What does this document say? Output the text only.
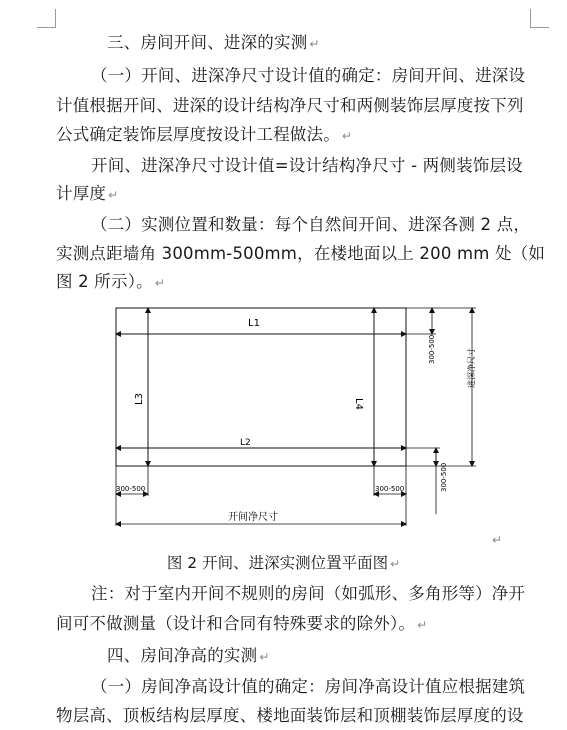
三、房间开间、进深的实测 ↵
（一）开间、进深净尺寸设计值的确定：房间开间、进深设
计值根据开间、进深的设计结构净尺寸和两侧装饰层厚度按下列
公式确定装饰层厚度按设计工程做法。 ↵
开间、进深净尺寸设计值=设计结构净尺寸 - 两侧装饰层设
计厚度 ↵
（二）实测位置和数量：每个自然间开间、进深各测 2 点，
实测点距墙角 300mm-500mm，在楼地面以上 200 mm 处（如
图 2 所示）。 ↵
L1
L2
L3	L4
300-500	进深净尺寸
300-500
300-500	300-500
开间净尺寸
↵
图 2 开间、进深实测位置平面图 ↵
注：对于室内开间不规则的房间（如弧形、多角形等）净开
间可不做测量（设计和合同有特殊要求的除外）。 ↵
四、房间净高的实测 ↵
（一）房间净高设计值的确定：房间净高设计值应根据建筑
物层高、顶板结构层厚度、楼地面装饰层和顶棚装饰层厚度的设
